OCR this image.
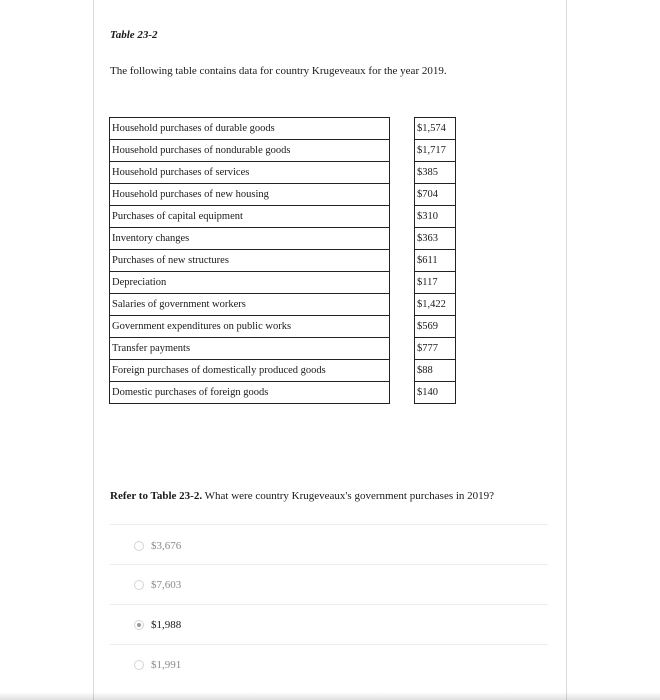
Table 23-2
The following table contains data for country Krugeveaux for the year 2019.
Household purchases of durable goods		$1,574
Household purchases of nondurable goods		$1,717
Household purchases of services		$385
Household purchases of new housing		$704
Purchases of capital equipment		$310
Inventory changes		$363
Purchases of new structures		$611
Depreciation		$117
Salaries of government workers		$1,422
Government expenditures on public works		$569
Transfer payments		$777
Foreign purchases of domestically produced goods		$88
Domestic purchases of foreign goods		$140
Refer to Table 23-2. What were country Krugeveaux's government purchases in 2019?
$3,676
$7,603
$1,988
$1,991
